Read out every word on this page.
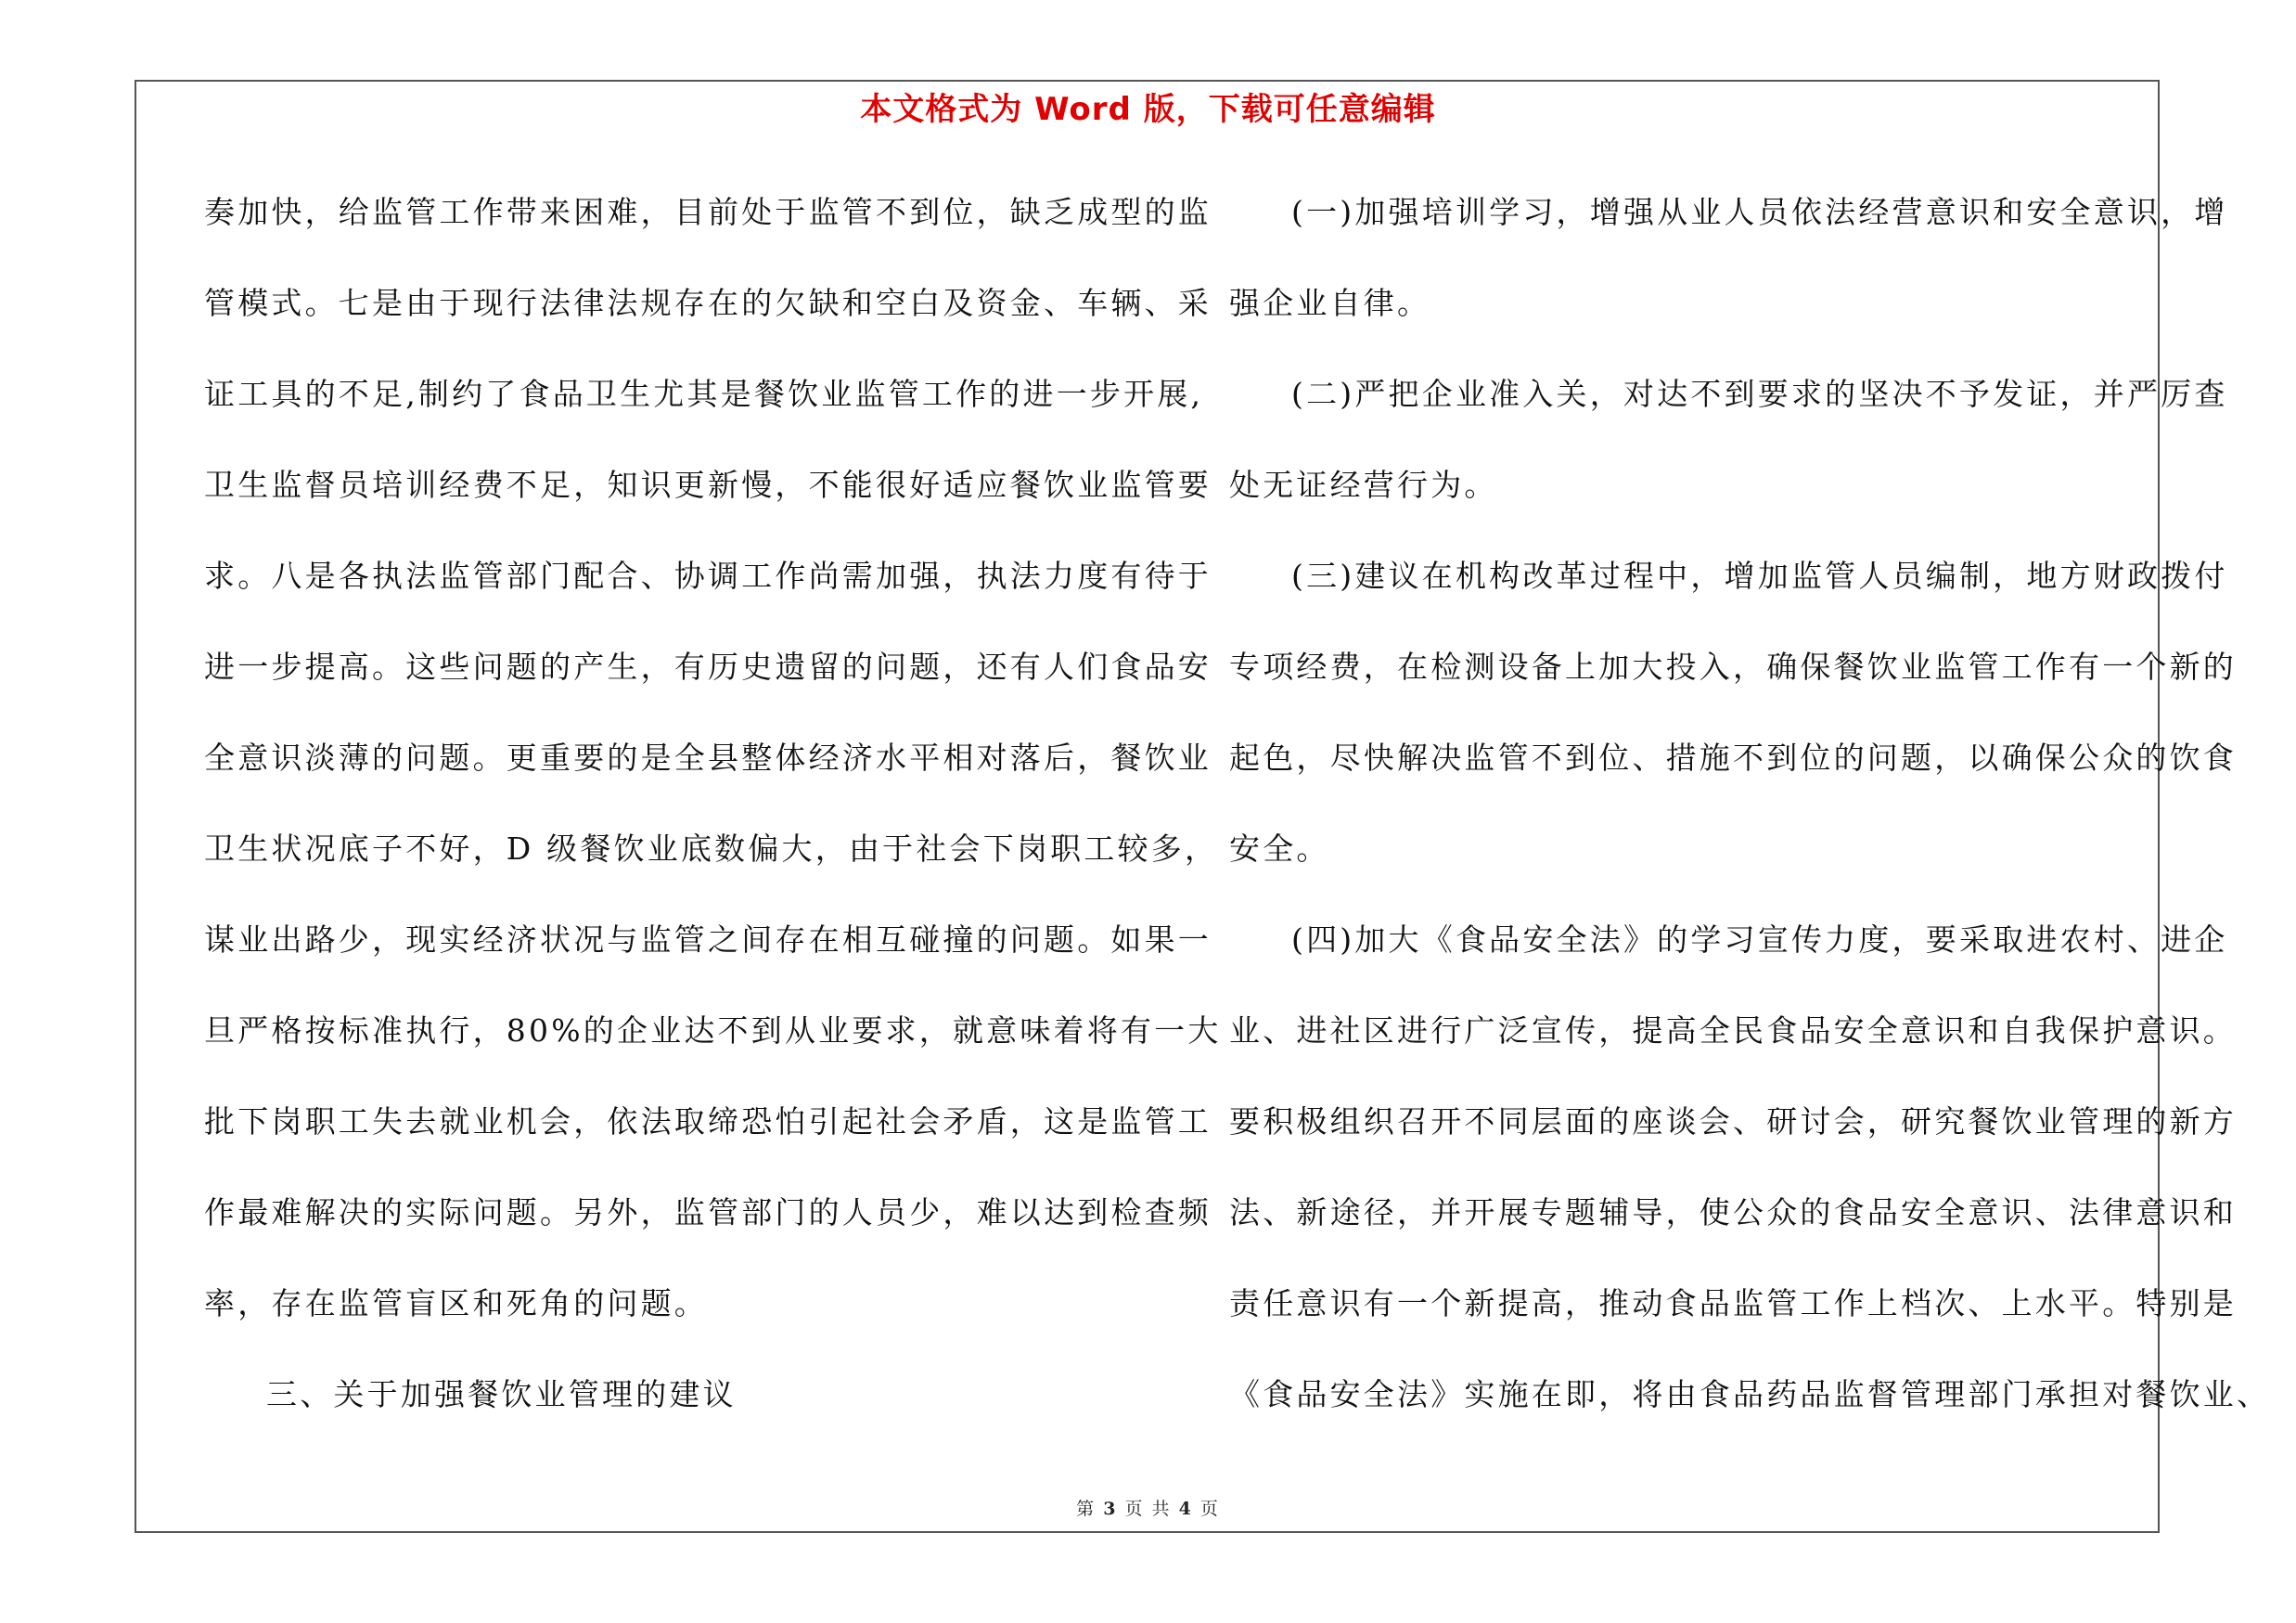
本文格式为 Word 版，下载可任意编辑
奏加快，给监管工作带来困难，目前处于监管不到位，缺乏成型的监
管模式。七是由于现行法律法规存在的欠缺和空白及资金、车辆、采
证工具的不足,制约了食品卫生尤其是餐饮业监管工作的进一步开展,
卫生监督员培训经费不足，知识更新慢，不能很好适应餐饮业监管要
求。八是各执法监管部门配合、协调工作尚需加强，执法力度有待于
进一步提高。这些问题的产生，有历史遗留的问题，还有人们食品安
全意识淡薄的问题。更重要的是全县整体经济水平相对落后，餐饮业
卫生状况底子不好，D 级餐饮业底数偏大，由于社会下岗职工较多，
谋业出路少，现实经济状况与监管之间存在相互碰撞的问题。如果一
旦严格按标准执行，80%的企业达不到从业要求，就意味着将有一大
批下岗职工失去就业机会，依法取缔恐怕引起社会矛盾，这是监管工
作最难解决的实际问题。另外，监管部门的人员少，难以达到检查频
率，存在监管盲区和死角的问题。
三、关于加强餐饮业管理的建议
(一)加强培训学习，增强从业人员依法经营意识和安全意识，增
强企业自律。
(二)严把企业准入关，对达不到要求的坚决不予发证，并严厉查
处无证经营行为。
(三)建议在机构改革过程中，增加监管人员编制，地方财政拨付
专项经费，在检测设备上加大投入，确保餐饮业监管工作有一个新的
起色，尽快解决监管不到位、措施不到位的问题，以确保公众的饮食
安全。
(四)加大《食品安全法》的学习宣传力度，要采取进农村、进企
业、进社区进行广泛宣传，提高全民食品安全意识和自我保护意识。
要积极组织召开不同层面的座谈会、研讨会，研究餐饮业管理的新方
法、新途径，并开展专题辅导，使公众的食品安全意识、法律意识和
责任意识有一个新提高，推动食品监管工作上档次、上水平。特别是
《食品安全法》实施在即，将由食品药品监督管理部门承担对餐饮业、
第 3 页 共 4 页
